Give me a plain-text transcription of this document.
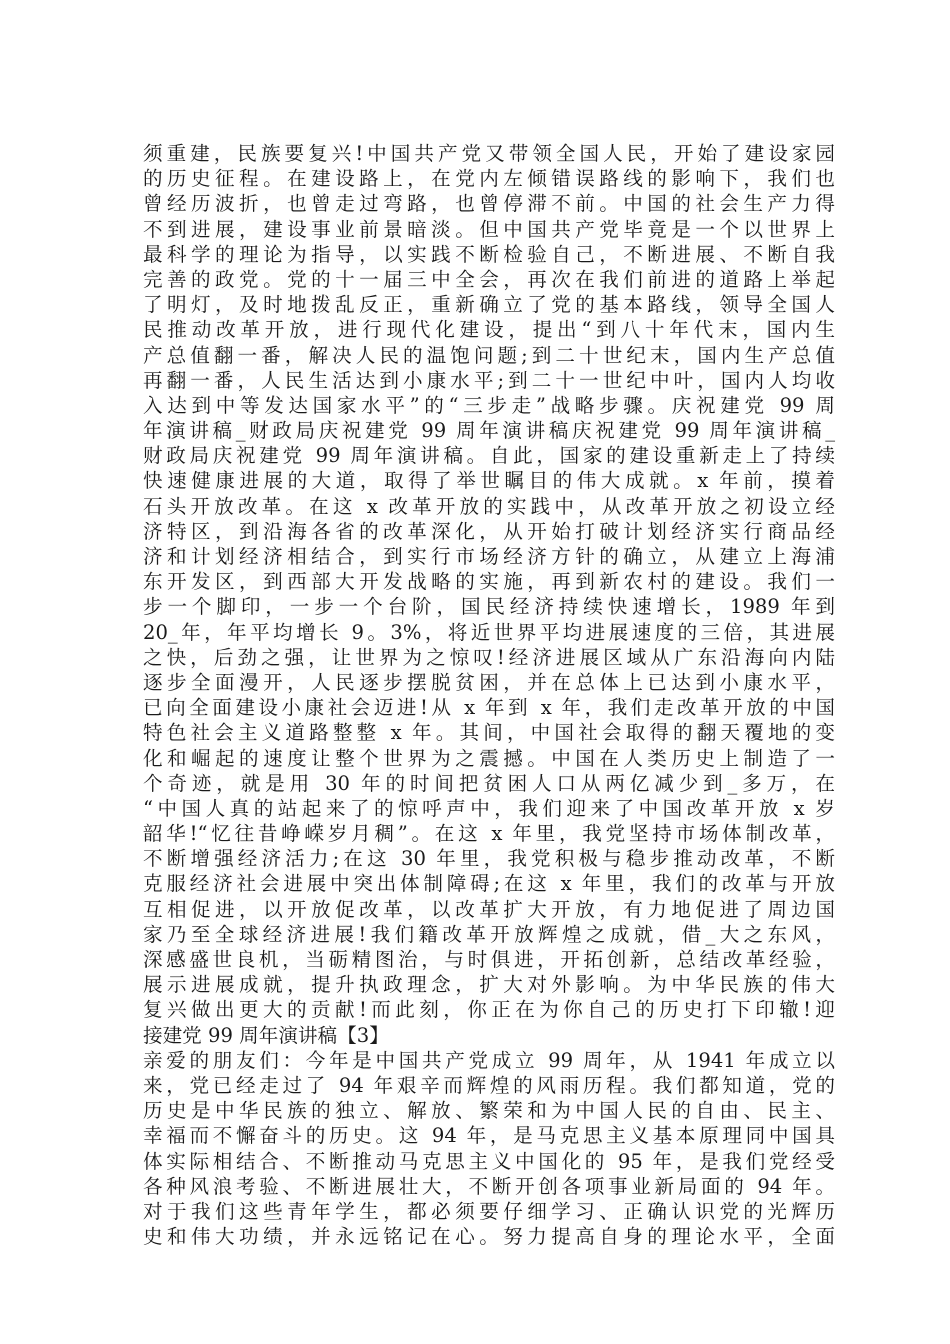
须重建，民族要复兴!中国共产党又带领全国人民，开始了建设家园
的历史征程。在建设路上，在党内左倾错误路线的影响下，我们也
曾经历波折，也曾走过弯路，也曾停滞不前。中国的社会生产力得
不到进展，建设事业前景暗淡。但中国共产党毕竟是一个以世界上
最科学的理论为指导，以实践不断检验自己，不断进展、不断自我
完善的政党。党的十一届三中全会，再次在我们前进的道路上举起
了明灯，及时地拨乱反正，重新确立了党的基本路线，领导全国人
民推动改革开放，进行现代化建设，提出“到八十年代末，国内生
产总值翻一番，解决人民的温饱问题;到二十世纪末，国内生产总值
再翻一番，人民生活达到小康水平;到二十一世纪中叶，国内人均收
入达到中等发达国家水平”的“三步走”战略步骤。庆祝建党 99 周
年演讲稿_财政局庆祝建党 99 周年演讲稿庆祝建党 99 周年演讲稿_
财政局庆祝建党 99 周年演讲稿。自此，国家的建设重新走上了持续
快速健康进展的大道，取得了举世瞩目的伟大成就。x 年前，摸着
石头开放改革。在这 x 改革开放的实践中，从改革开放之初设立经
济特区，到沿海各省的改革深化，从开始打破计划经济实行商品经
济和计划经济相结合，到实行市场经济方针的确立，从建立上海浦
东开发区，到西部大开发战略的实施，再到新农村的建设。我们一
步一个脚印，一步一个台阶，国民经济持续快速增长，1989 年到
20_年，年平均增长 9。3%，将近世界平均进展速度的三倍，其进展
之快，后劲之强，让世界为之惊叹!经济进展区域从广东沿海向内陆
逐步全面漫开，人民逐步摆脱贫困，并在总体上已达到小康水平，
已向全面建设小康社会迈进!从 x 年到 x 年，我们走改革开放的中国
特色社会主义道路整整 x 年。其间，中国社会取得的翻天覆地的变
化和崛起的速度让整个世界为之震撼。中国在人类历史上制造了一
个奇迹，就是用 30 年的时间把贫困人口从两亿减少到_多万，在
“中国人真的站起来了的惊呼声中，我们迎来了中国改革开放 x 岁
韶华!“忆往昔峥嵘岁月稠”。在这 x 年里，我党坚持市场体制改革，
不断增强经济活力;在这 30 年里，我党积极与稳步推动改革，不断
克服经济社会进展中突出体制障碍;在这 x 年里，我们的改革与开放
互相促进，以开放促改革，以改革扩大开放，有力地促进了周边国
家乃至全球经济进展!我们籍改革开放辉煌之成就，借_大之东风，
深感盛世良机，当砺精图治，与时俱进，开拓创新，总结改革经验，
展示进展成就，提升执政理念，扩大对外影响。为中华民族的伟大
复兴做出更大的贡献!而此刻，你正在为你自己的历史打下印辙!迎
接建党 99 周年演讲稿【3】
亲爱的朋友们：今年是中国共产党成立 99 周年，从 1941 年成立以
来，党已经走过了 94 年艰辛而辉煌的风雨历程。我们都知道，党的
历史是中华民族的独立、解放、繁荣和为中国人民的自由、民主、
幸福而不懈奋斗的历史。这 94 年，是马克思主义基本原理同中国具
体实际相结合、不断推动马克思主义中国化的 95 年，是我们党经受
各种风浪考验、不断进展壮大，不断开创各项事业新局面的 94 年。
对于我们这些青年学生，都必须要仔细学习、正确认识党的光辉历
史和伟大功绩，并永远铭记在心。努力提高自身的理论水平，全面
